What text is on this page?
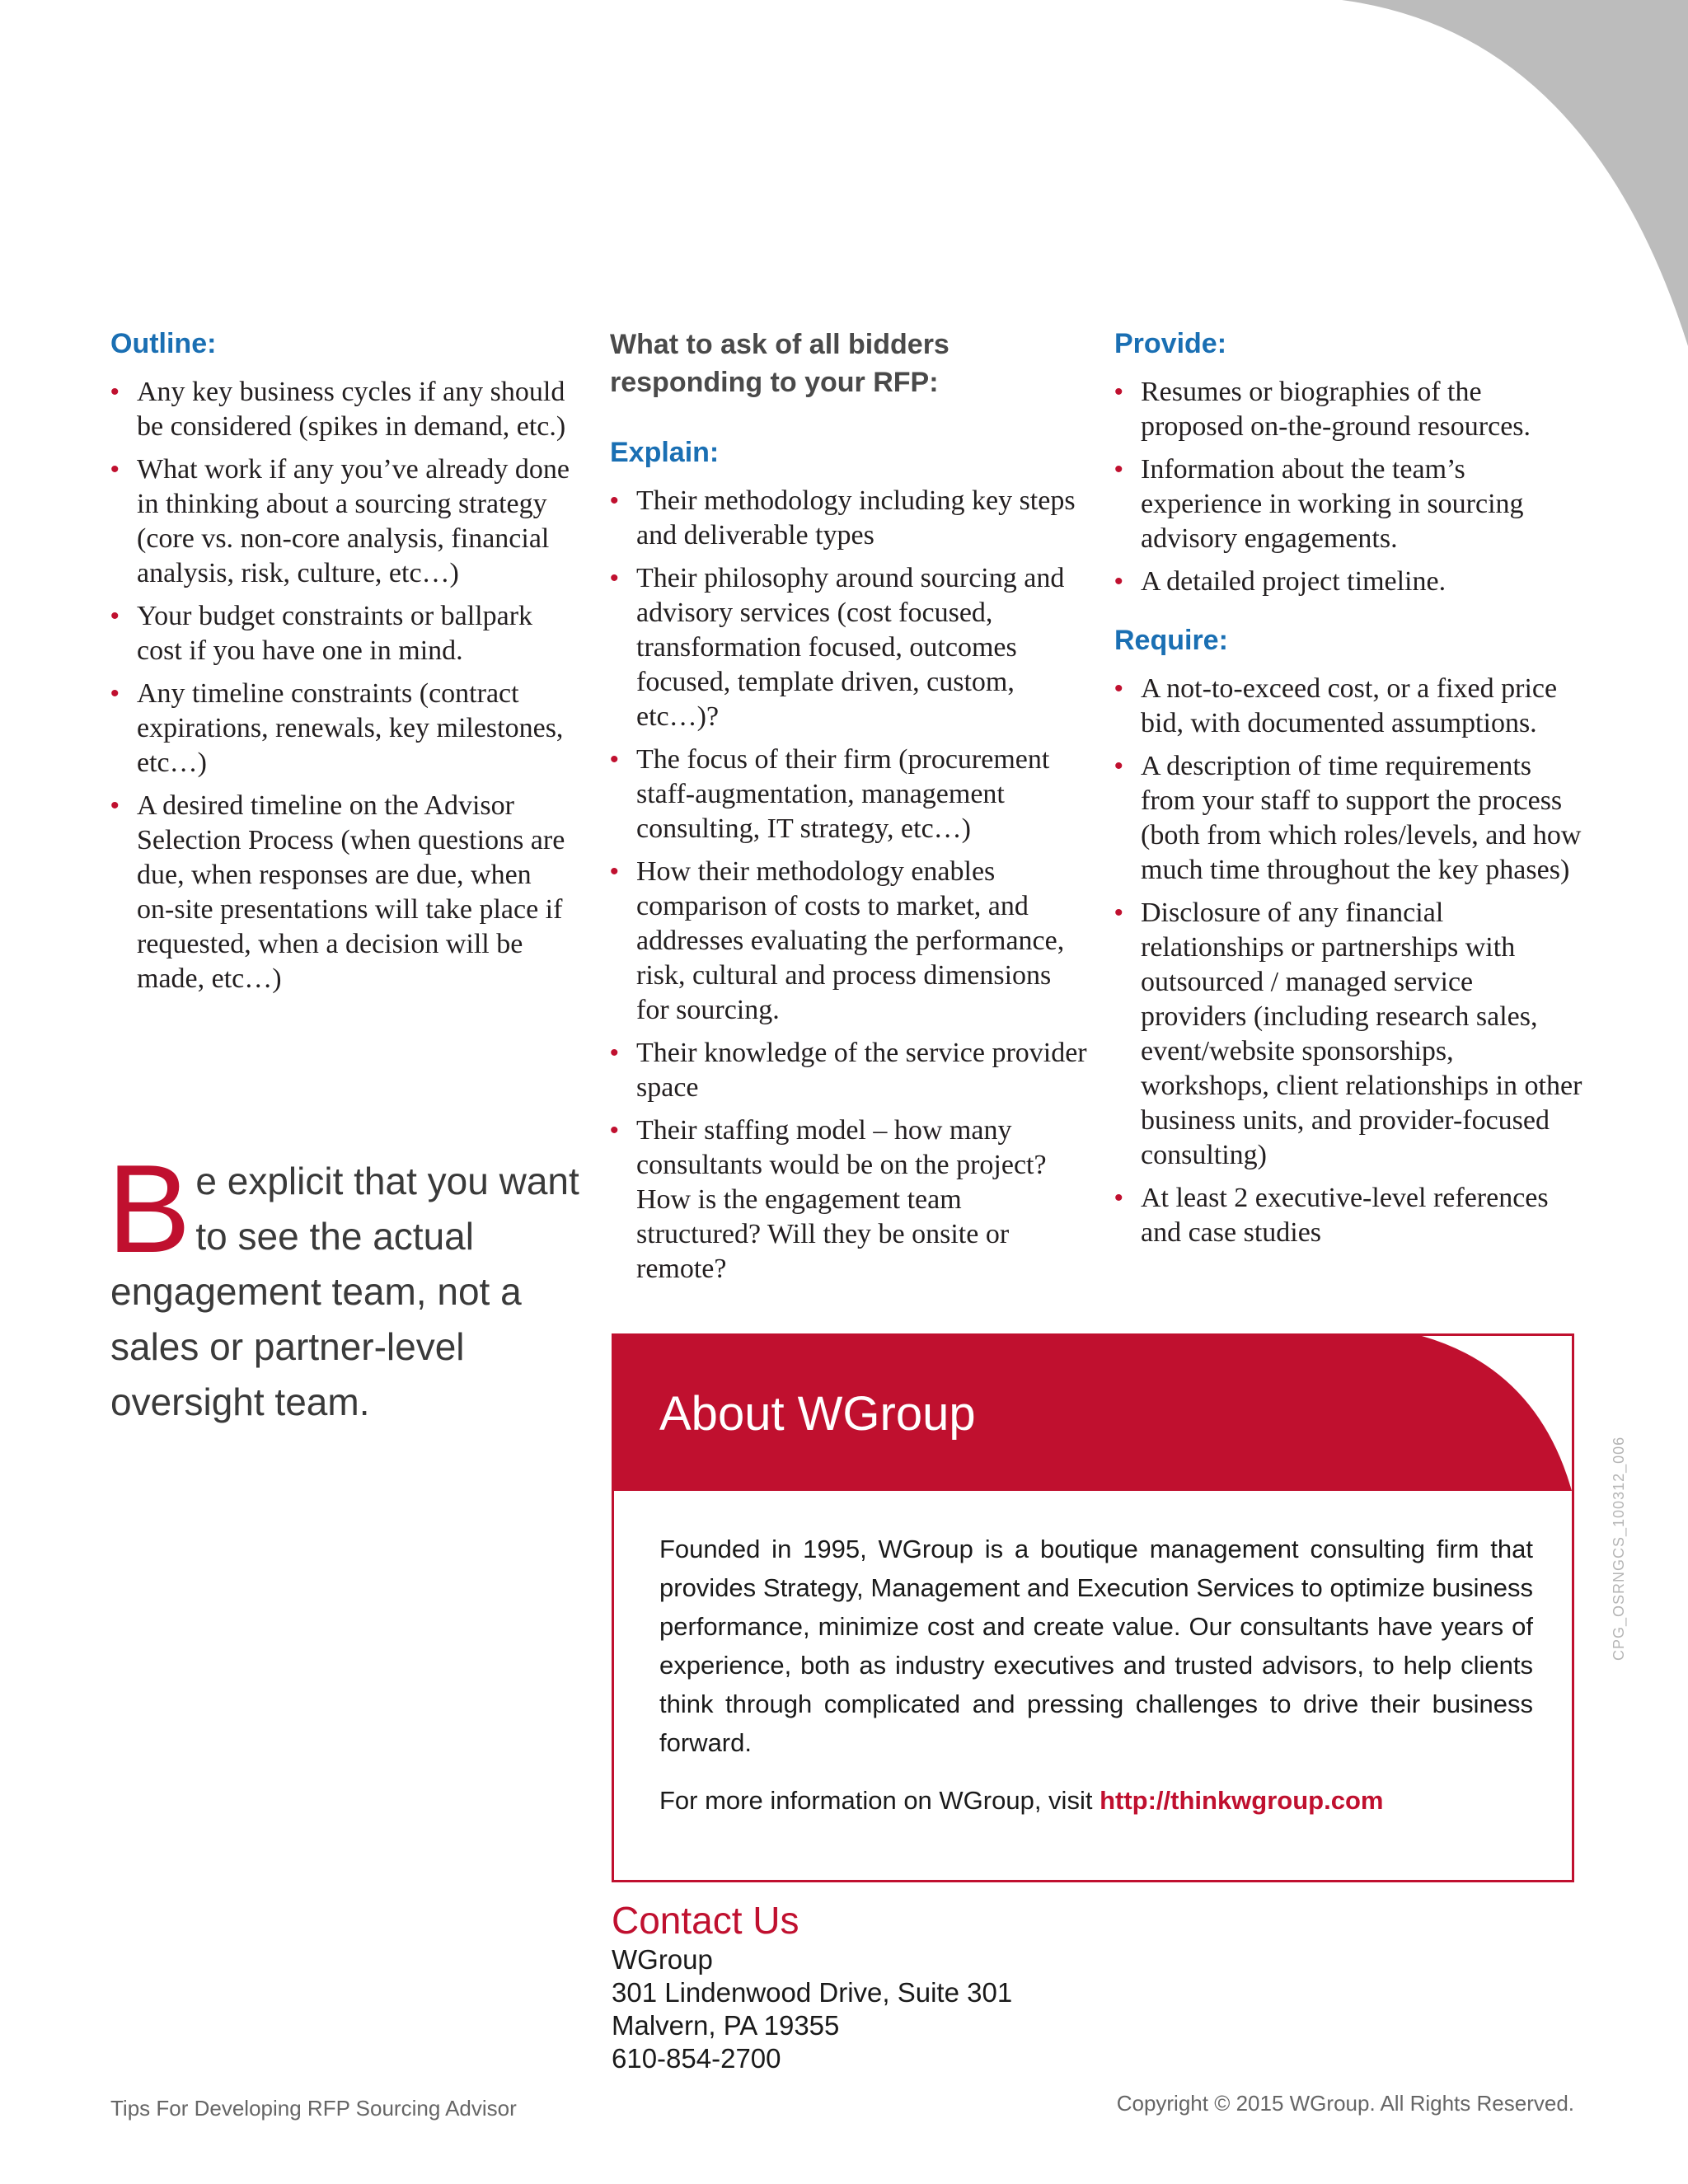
Outline:
• Any key business cycles if any should be considered (spikes in demand, etc.)
• What work if any you’ve already done in thinking about a sourcing strategy (core vs. non-core analysis, financial analysis, risk, culture, etc…)
• Your budget constraints or ballpark cost if you have one in mind.
• Any timeline constraints (contract expirations, renewals, key milestones, etc…)
• A desired timeline on the Advisor Selection Process (when questions are due, when responses are due, when on-site presentations will take place if requested, when a decision will be made, etc…)
Be explicit that you want to see the actual engagement team, not a sales or partner-level oversight team.
What to ask of all bidders responding to your RFP:
Explain:
• Their methodology including key steps and deliverable types
• Their philosophy around sourcing and advisory services (cost focused, transformation focused, outcomes focused, template driven, custom, etc…)?
• The focus of their firm (procurement staff-augmentation, management consulting, IT strategy, etc…)
• How their methodology enables comparison of costs to market, and addresses evaluating the performance, risk, cultural and process dimensions for sourcing.
• Their knowledge of the service provider space
• Their staffing model – how many consultants would be on the project? How is the engagement team structured? Will they be onsite or remote?
Provide:
• Resumes or biographies of the proposed on-the-ground resources.
• Information about the team’s experience in working in sourcing advisory engagements.
• A detailed project timeline.
Require:
• A not-to-exceed cost, or a fixed price bid, with documented assumptions.
• A description of time requirements from your staff to support the process (both from which roles/levels, and how much time throughout the key phases)
• Disclosure of any financial relationships or partnerships with outsourced / managed service providers (including research sales, event/website sponsorships, workshops, client relationships in other business units, and provider-focused consulting)
• At least 2 executive-level references and case studies
About WGroup
Founded in 1995, WGroup is a boutique management consulting firm that provides Strategy, Management and Execution Services to optimize business performance, minimize cost and create value. Our consultants have years of experience, both as industry executives and trusted advisors, to help clients think through complicated and pressing challenges to drive their business forward.
For more information on WGroup, visit http://thinkwgroup.com
CPG_OSRNGCS_100312_006
Contact Us
WGroup
301 Lindenwood Drive, Suite 301
Malvern, PA 19355
610-854-2700
Tips For Developing RFP Sourcing Advisor	Copyright © 2015 WGroup. All Rights Reserved.
